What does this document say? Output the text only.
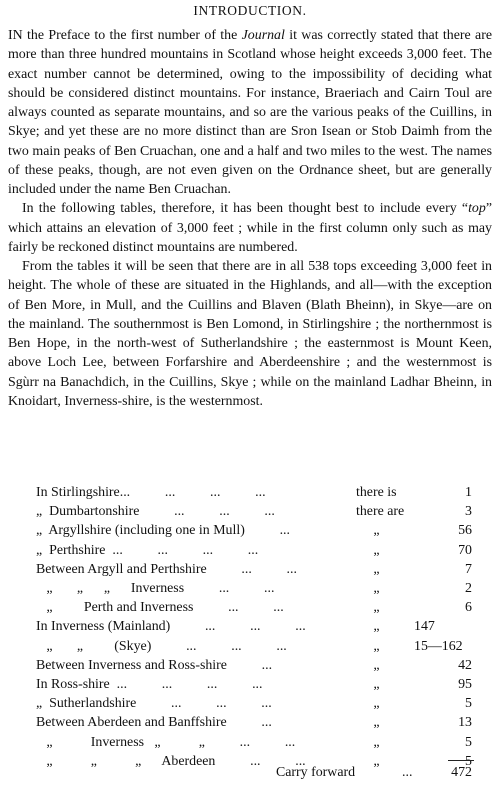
INTRODUCTION.

IN the Preface to the first number of the Journal it was correctly stated that there are more than three hundred mountains in Scotland whose height exceeds 3,000 feet. The exact number cannot be determined, owing to the impossibility of deciding what should be considered distinct mountains. For instance, Braeriach and Cairn Toul are always counted as separate mountains, and so are the various peaks of the Cuillins, in Skye; and yet these are no more distinct than are Sron Isean or Stob Daimh from the two main peaks of Ben Cruachan, one and a half and two miles to the west. The names of these peaks, though, are not even given on the Ordnance sheet, but are generally included under the name Ben Cruachan.

In the following tables, therefore, it has been thought best to include every “top” which attains an elevation of 3,000 feet ; while in the first column only such as may fairly be reckoned distinct mountains are numbered.

From the tables it will be seen that there are in all 538 tops exceeding 3,000 feet in height. The whole of these are situated in the Highlands, and all—with the exception of Ben More, in Mull, and the Cuillins and Blaven (Blath Bheinn), in Skye—are on the mainland. The southernmost is Ben Lomond, in Stirlingshire ; the northernmost is Ben Hope, in the north-west of Sutherlandshire ; the easternmost is Mount Keen, above Loch Lee, between Forfarshire and Aberdeenshire ; and the westernmost is Sgùrr na Banachdich, in the Cuillins, Skye ; while on the mainland Ladhar Bheinn, in Knoidart, Inverness-shire, is the westernmost.

In Stirlingshire...          ...          ...          ...	there is	1
„  Dumbartonshire          ...          ...          ...	there are	3
„  Argyllshire (including one in Mull)          ...	„	56
„  Perthshire  ...          ...          ...          ...	„	70
Between Argyll and Perthshire          ...          ...	„	7
„       „      „      Inverness          ...          ...	„	2
„         Perth and Inverness          ...          ...	„	6
In Inverness (Mainland)          ...          ...          ...	„ 147
„       „         (Skye)          ...          ...          ...	„ 15—162
Between Inverness and Ross-shire          ...	„	42
In Ross-shire  ...          ...          ...          ...	„	95
„  Sutherlandshire          ...          ...          ...	„	5
Between Aberdeen and Banffshire          ...	„	13
„           Inverness   „           „          ...          ...	„	5
„           „           „      Aberdeen          ...          ...	„	5
Carry forward	...	472
